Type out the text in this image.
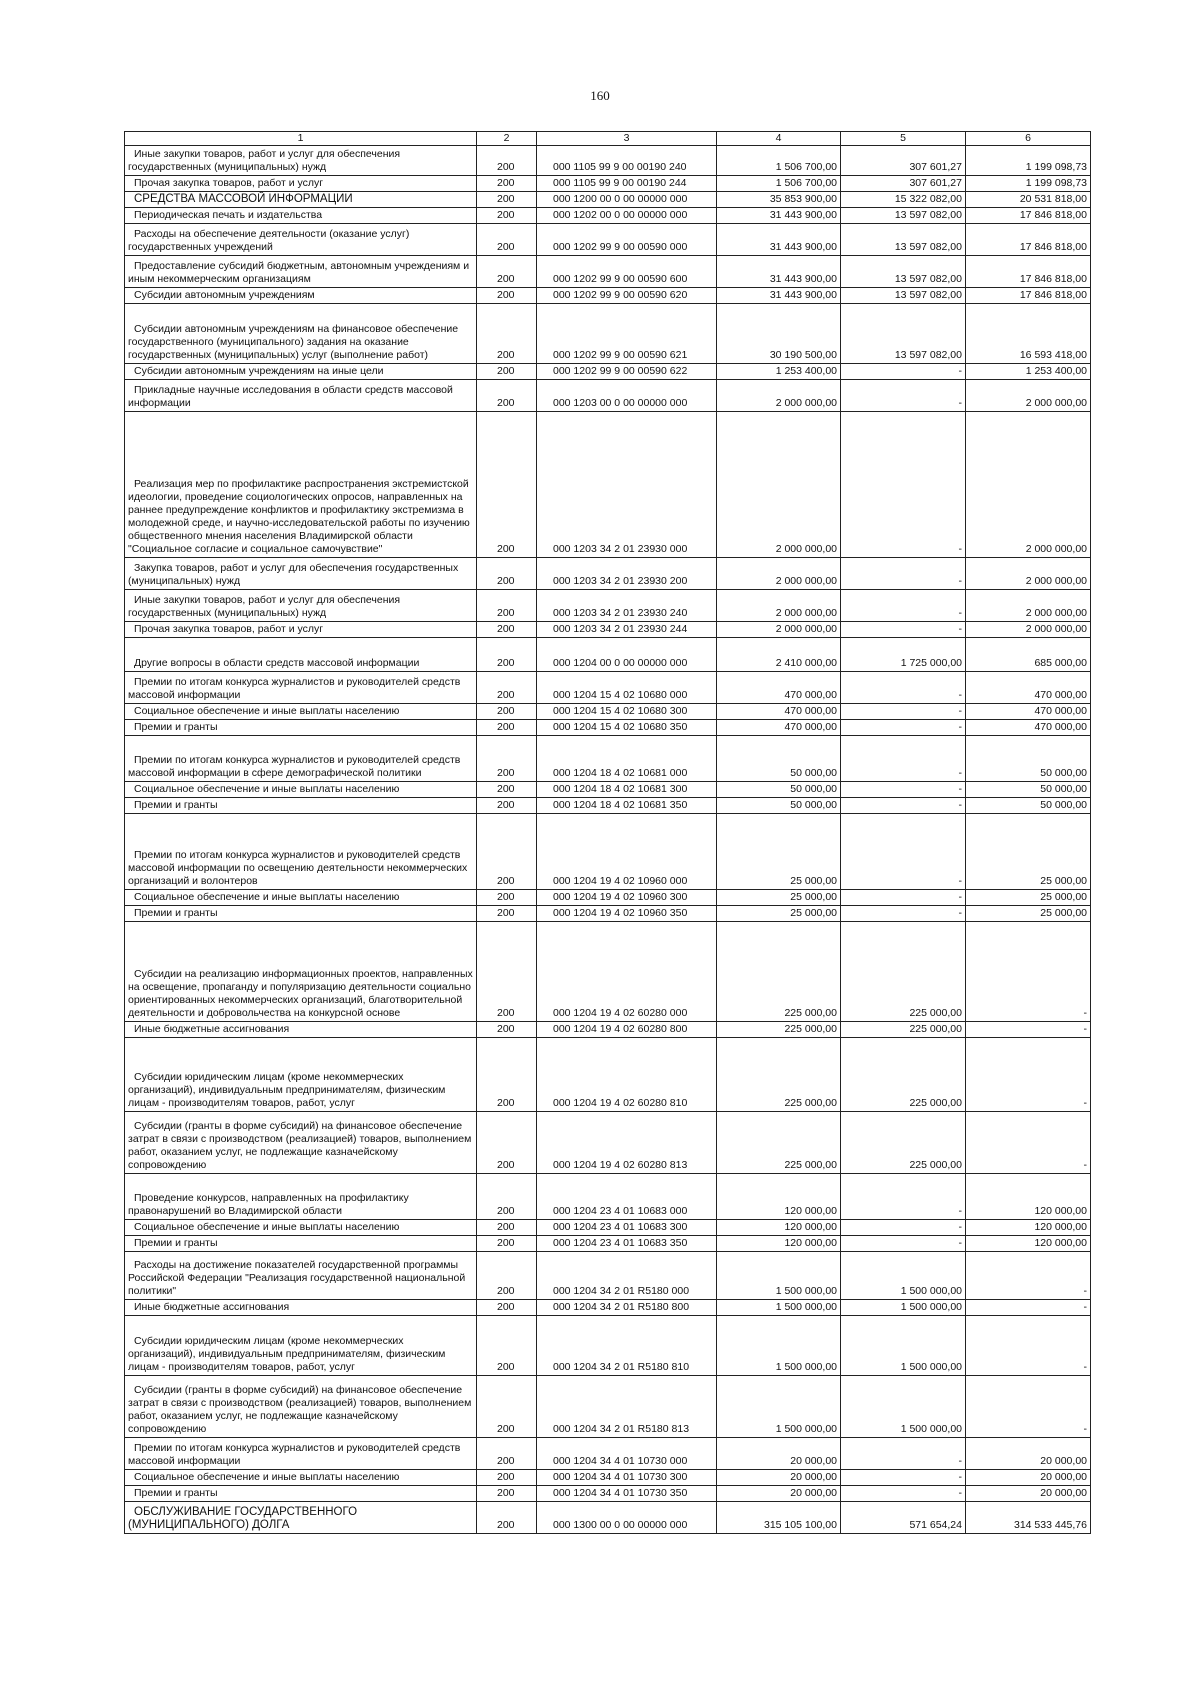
160
1	2	3	4	5	6
Иные закупки товаров, работ и услуг для обеспечения государственных (муниципальных) нужд	200	000 1105 99 9 00 00190 240	1 506 700,00	307 601,27	1 199 098,73
Прочая закупка товаров, работ и услуг	200	000 1105 99 9 00 00190 244	1 506 700,00	307 601,27	1 199 098,73
СРЕДСТВА МАССОВОЙ ИНФОРМАЦИИ	200	000 1200 00 0 00 00000 000	35 853 900,00	15 322 082,00	20 531 818,00
Периодическая печать и издательства	200	000 1202 00 0 00 00000 000	31 443 900,00	13 597 082,00	17 846 818,00
Расходы на обеспечение деятельности (оказание услуг) государственных учреждений	200	000 1202 99 9 00 00590 000	31 443 900,00	13 597 082,00	17 846 818,00
Предоставление субсидий бюджетным, автономным учреждениям и иным некоммерческим организациям	200	000 1202 99 9 00 00590 600	31 443 900,00	13 597 082,00	17 846 818,00
Субсидии автономным учреждениям	200	000 1202 99 9 00 00590 620	31 443 900,00	13 597 082,00	17 846 818,00
Субсидии автономным учреждениям на финансовое обеспечение государственного (муниципального) задания на оказание государственных (муниципальных) услуг (выполнение работ)	200	000 1202 99 9 00 00590 621	30 190 500,00	13 597 082,00	16 593 418,00
Субсидии автономным учреждениям на иные цели	200	000 1202 99 9 00 00590 622	1 253 400,00	-	1 253 400,00
Прикладные научные исследования в области средств массовой информации	200	000 1203 00 0 00 00000 000	2 000 000,00	-	2 000 000,00
Реализация мер по профилактике распространения экстремистской идеологии, проведение социологических опросов, направленных на раннее предупреждение конфликтов и профилактику экстремизма в молодежной среде, и научно-исследовательской работы по изучению общественного мнения населения Владимирской области "Социальное согласие и социальное самочувствие"	200	000 1203 34 2 01 23930 000	2 000 000,00	-	2 000 000,00
Закупка товаров, работ и услуг для обеспечения государственных (муниципальных) нужд	200	000 1203 34 2 01 23930 200	2 000 000,00	-	2 000 000,00
Иные закупки товаров, работ и услуг для обеспечения государственных (муниципальных) нужд	200	000 1203 34 2 01 23930 240	2 000 000,00	-	2 000 000,00
Прочая закупка товаров, работ и услуг	200	000 1203 34 2 01 23930 244	2 000 000,00	-	2 000 000,00
Другие вопросы в области средств массовой информации	200	000 1204 00 0 00 00000 000	2 410 000,00	1 725 000,00	685 000,00
Премии по итогам конкурса журналистов и руководителей средств массовой информации	200	000 1204 15 4 02 10680 000	470 000,00	-	470 000,00
Социальное обеспечение и иные выплаты населению	200	000 1204 15 4 02 10680 300	470 000,00	-	470 000,00
Премии и гранты	200	000 1204 15 4 02 10680 350	470 000,00	-	470 000,00
Премии по итогам конкурса журналистов и руководителей средств массовой информации в сфере демографической политики	200	000 1204 18 4 02 10681 000	50 000,00	-	50 000,00
Социальное обеспечение и иные выплаты населению	200	000 1204 18 4 02 10681 300	50 000,00	-	50 000,00
Премии и гранты	200	000 1204 18 4 02 10681 350	50 000,00	-	50 000,00
Премии по итогам конкурса журналистов и руководителей средств массовой информации по освещению деятельности некоммерческих организаций и волонтеров	200	000 1204 19 4 02 10960 000	25 000,00	-	25 000,00
Социальное обеспечение и иные выплаты населению	200	000 1204 19 4 02 10960 300	25 000,00	-	25 000,00
Премии и гранты	200	000 1204 19 4 02 10960 350	25 000,00	-	25 000,00
Субсидии на реализацию информационных проектов, направленных на освещение, пропаганду и популяризацию деятельности социально ориентированных некоммерческих организаций, благотворительной деятельности и добровольчества на конкурсной основе	200	000 1204 19 4 02 60280 000	225 000,00	225 000,00	-
Иные бюджетные ассигнования	200	000 1204 19 4 02 60280 800	225 000,00	225 000,00	-
Субсидии юридическим лицам (кроме некоммерческих организаций), индивидуальным предпринимателям, физическим лицам - производителям товаров, работ, услуг	200	000 1204 19 4 02 60280 810	225 000,00	225 000,00	-
Субсидии (гранты в форме субсидий) на финансовое обеспечение затрат в связи с производством (реализацией) товаров, выполнением работ, оказанием услуг, не подлежащие казначейскому сопровождению	200	000 1204 19 4 02 60280 813	225 000,00	225 000,00	-
Проведение конкурсов, направленных на профилактику правонарушений во Владимирской области	200	000 1204 23 4 01 10683 000	120 000,00	-	120 000,00
Социальное обеспечение и иные выплаты населению	200	000 1204 23 4 01 10683 300	120 000,00	-	120 000,00
Премии и гранты	200	000 1204 23 4 01 10683 350	120 000,00	-	120 000,00
Расходы на достижение показателей государственной программы Российской Федерации "Реализация государственной национальной политики"	200	000 1204 34 2 01 R5180 000	1 500 000,00	1 500 000,00	-
Иные бюджетные ассигнования	200	000 1204 34 2 01 R5180 800	1 500 000,00	1 500 000,00	-
Субсидии юридическим лицам (кроме некоммерческих организаций), индивидуальным предпринимателям, физическим лицам - производителям товаров, работ, услуг	200	000 1204 34 2 01 R5180 810	1 500 000,00	1 500 000,00	-
Субсидии (гранты в форме субсидий) на финансовое обеспечение затрат в связи с производством (реализацией) товаров, выполнением работ, оказанием услуг, не подлежащие казначейскому сопровождению	200	000 1204 34 2 01 R5180 813	1 500 000,00	1 500 000,00	-
Премии по итогам конкурса журналистов и руководителей средств массовой информации	200	000 1204 34 4 01 10730 000	20 000,00	-	20 000,00
Социальное обеспечение и иные выплаты населению	200	000 1204 34 4 01 10730 300	20 000,00	-	20 000,00
Премии и гранты	200	000 1204 34 4 01 10730 350	20 000,00	-	20 000,00
ОБСЛУЖИВАНИЕ ГОСУДАРСТВЕННОГО (МУНИЦИПАЛЬНОГО) ДОЛГА	200	000 1300 00 0 00 00000 000	315 105 100,00	571 654,24	314 533 445,76
